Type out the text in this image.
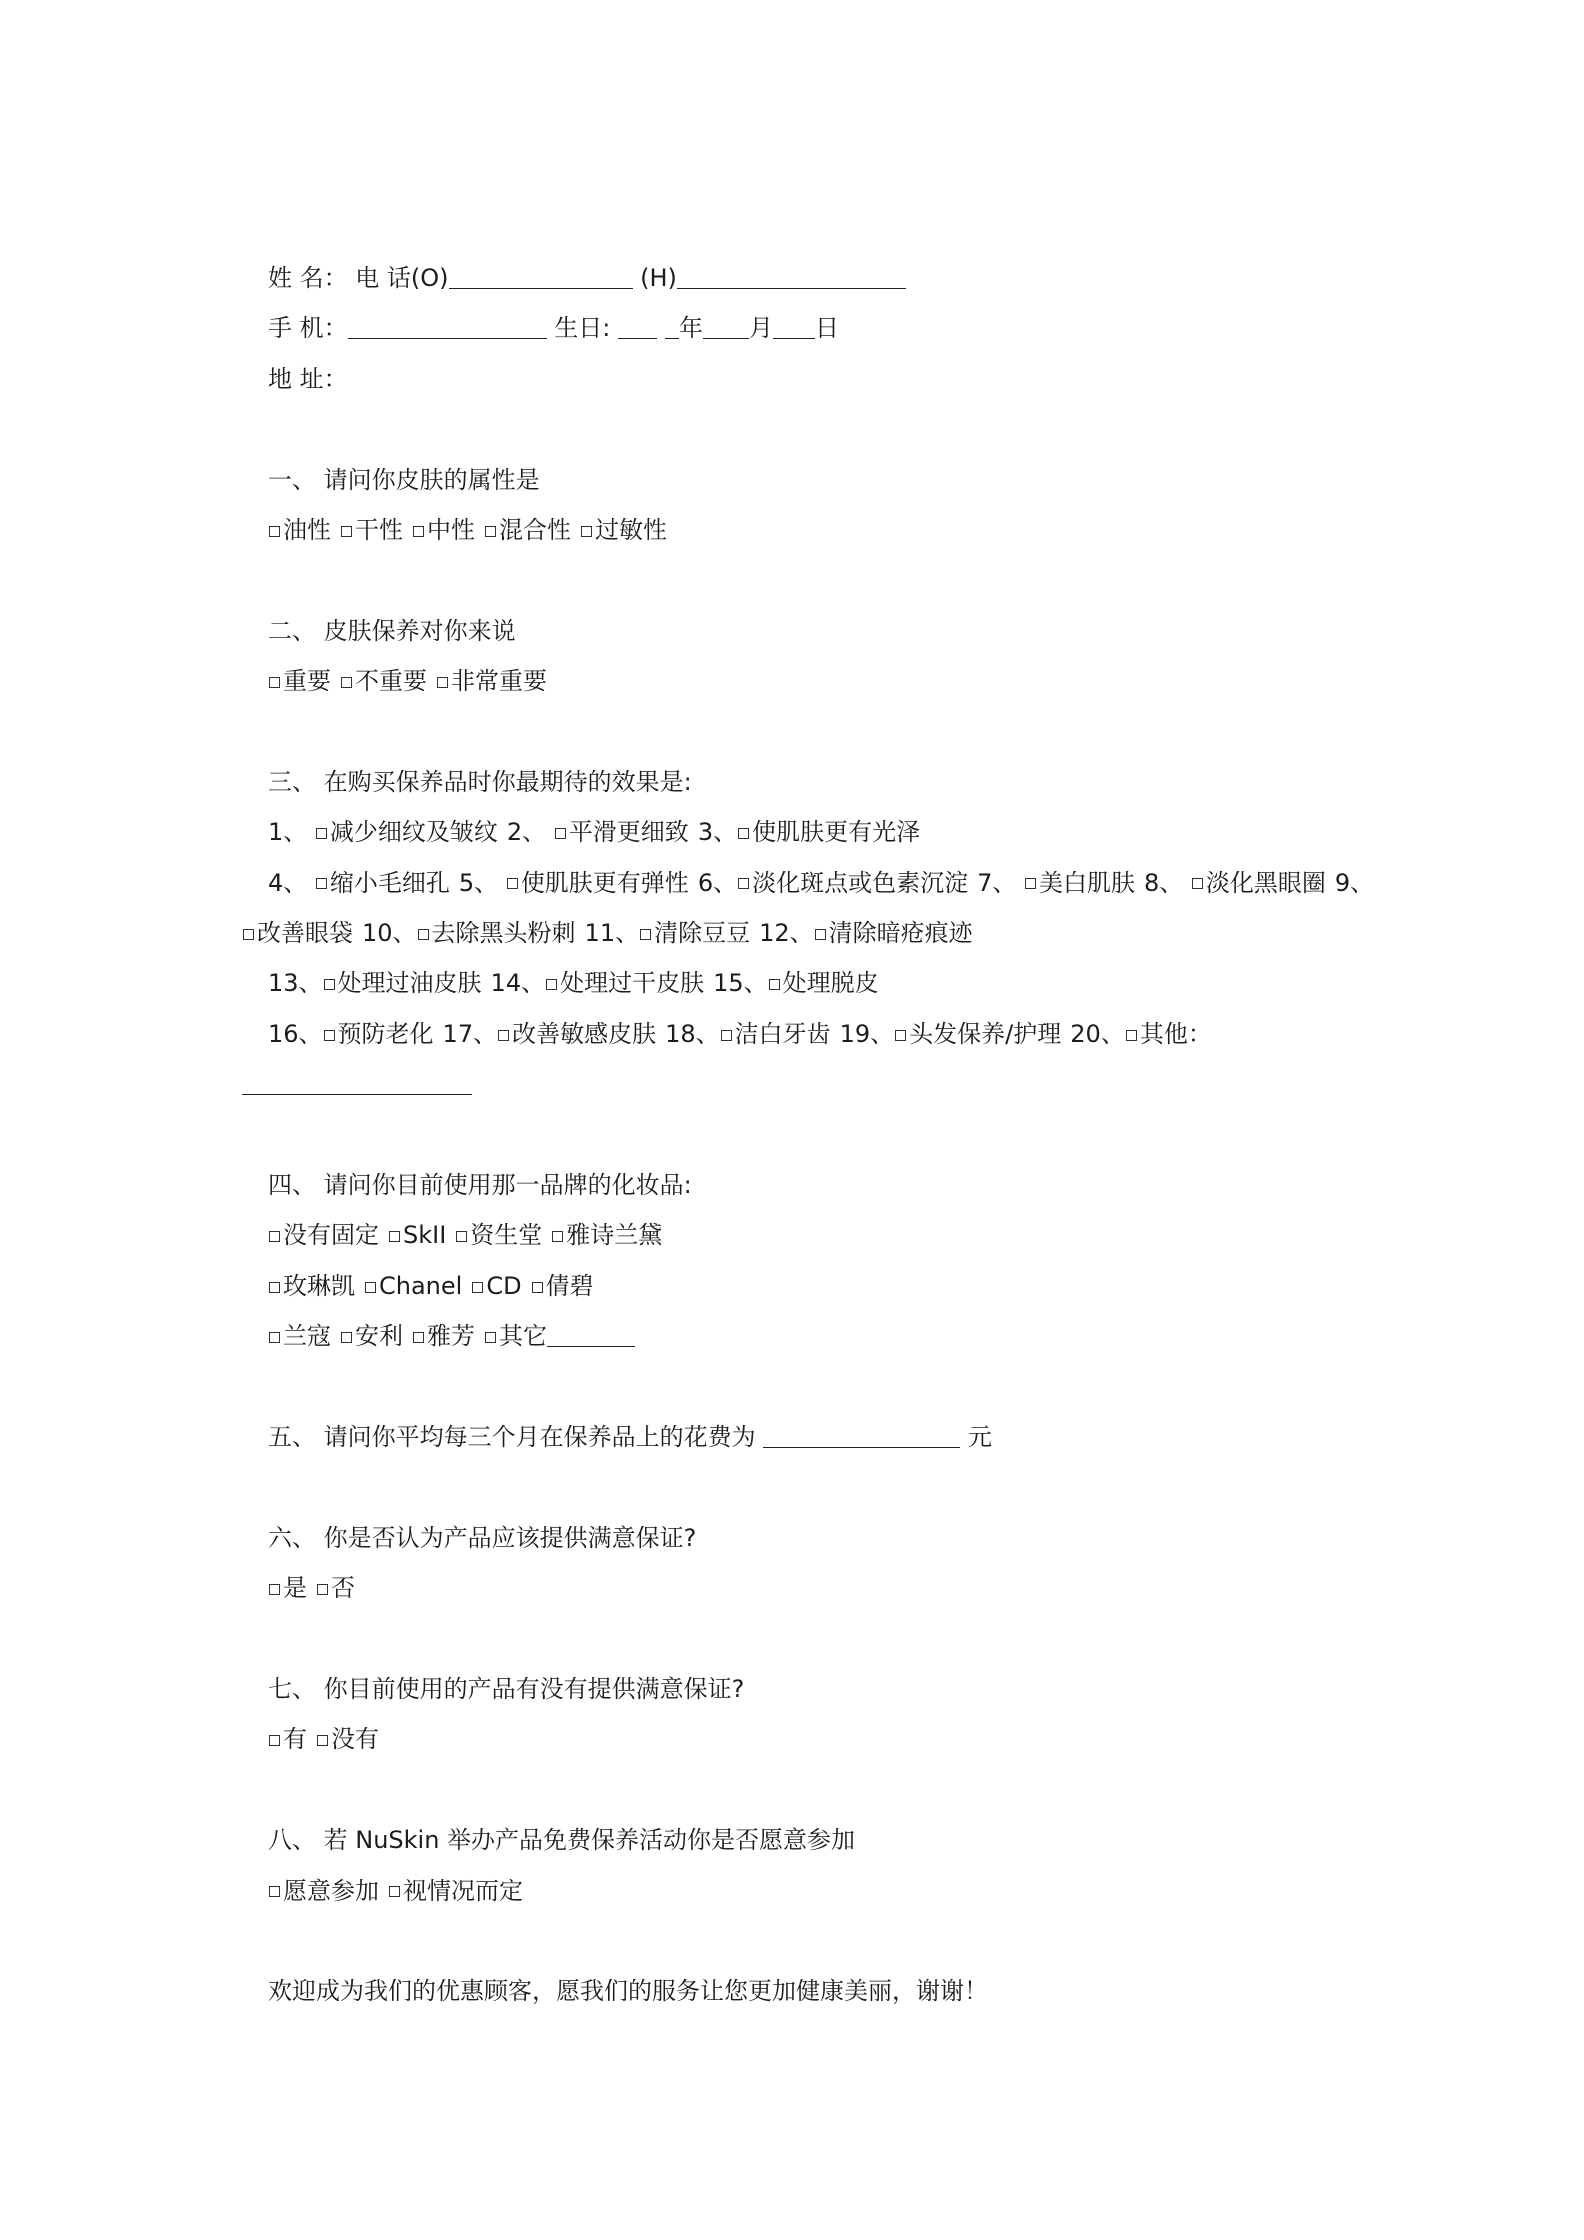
姓 名： 电 话(O)	(H)
手 机：	生日:	年 月 日
地 址：
一、 请问你皮肤的属性是
油性 干性 中性 混合性 过敏性
二、 皮肤保养对你来说
重要 不重要 非常重要
三、 在购买保养品时你最期待的效果是:
1、 减少细纹及皱纹 2、 平滑更细致 3、 使肌肤更有光泽
4、 缩小毛细孔 5、 使肌肤更有弹性 6、 淡化斑点或色素沉淀 7、 美白肌肤 8、 淡化黑眼圈 9、
改善眼袋 10、 去除黑头粉刺 11、 清除豆豆 12、 清除暗疮痕迹
13、 处理过油皮肤 14、 处理过干皮肤 15、 处理脱皮
16、 预防老化 17、 改善敏感皮肤 18、 洁白牙齿 19、 头发保养/护理 20、 其他：
四、 请问你目前使用那一品牌的化妆品:
没有固定 SkII 资生堂 雅诗兰黛
玫琳凯 Chanel CD 倩碧
兰寇 安利 雅芳 其它
五、 请问你平均每三个月在保养品上的花费为	元
六、 你是否认为产品应该提供满意保证?
是 否
七、 你目前使用的产品有没有提供满意保证?
有 没有
八、 若 NuSkin 举办产品免费保养活动你是否愿意参加
愿意参加 视情况而定
欢迎成为我们的优惠顾客，愿我们的服务让您更加健康美丽，谢谢！
